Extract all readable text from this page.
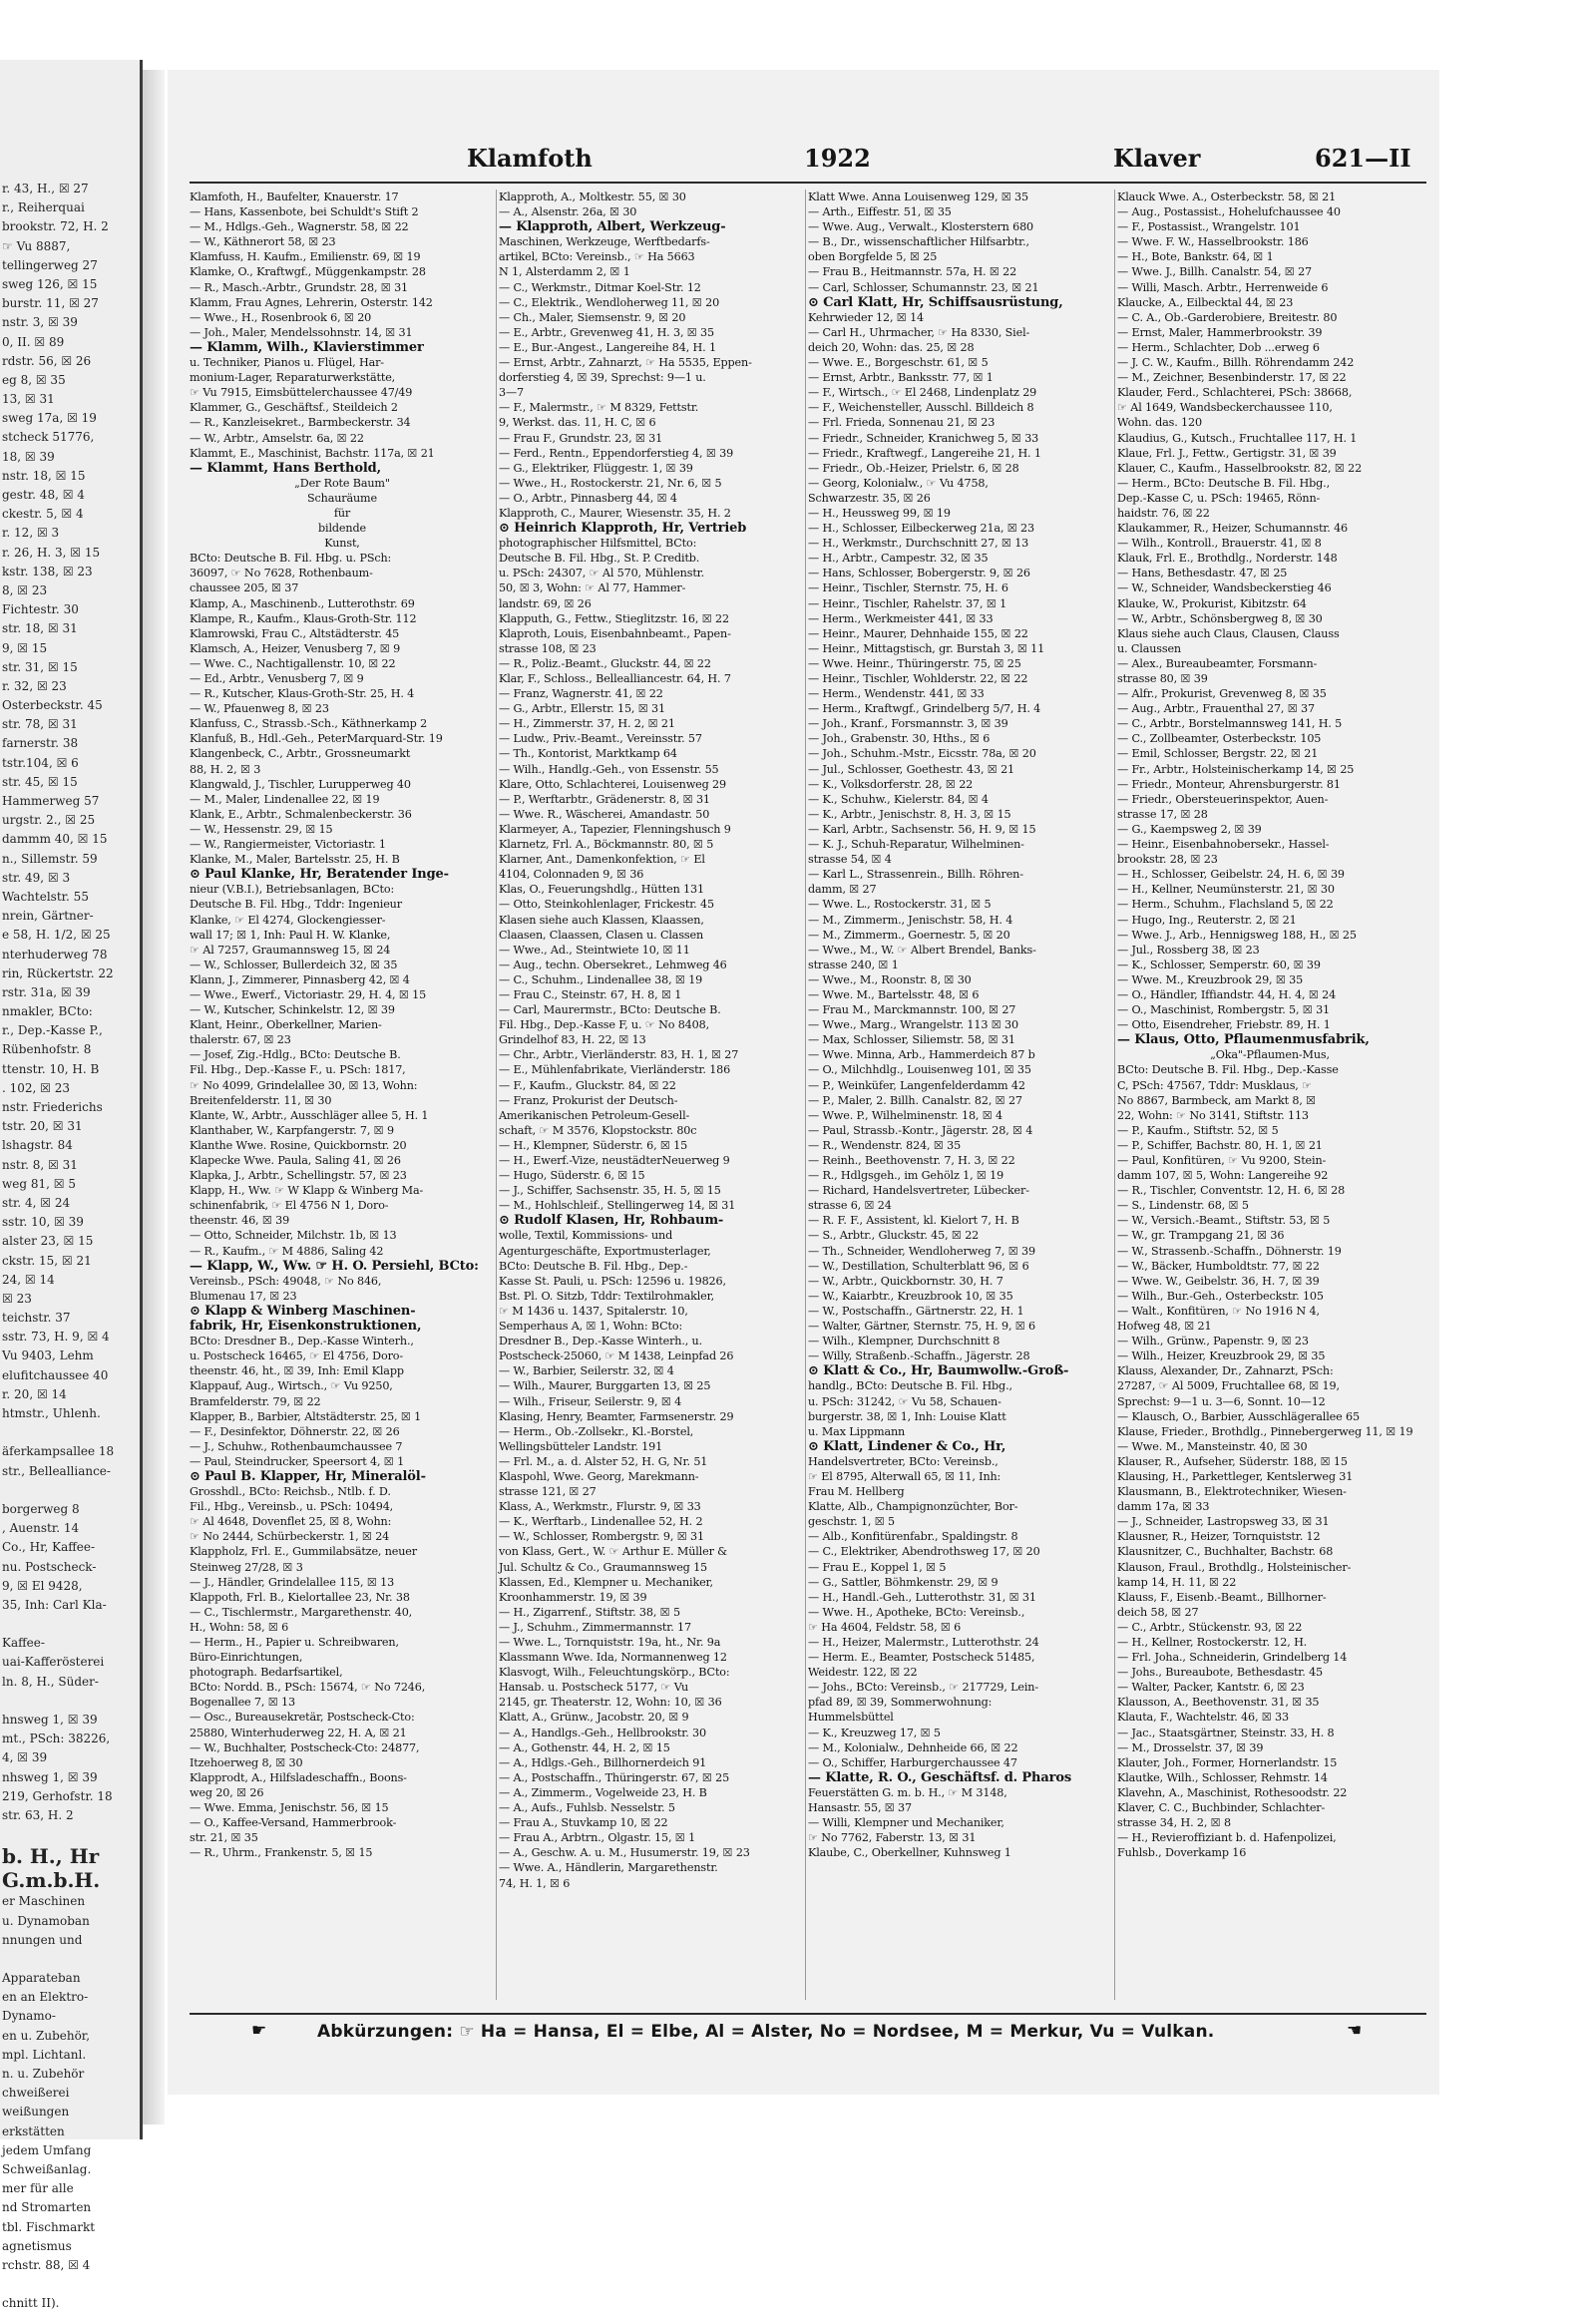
r. 43, H., ☒ 27
r., Reiherquai
brookstr. 72, H. 2
☞ Vu 8887,
tellingerweg 27
sweg 126, ☒ 15
burstr. 11, ☒ 27
nstr. 3, ☒ 39
0, II. ☒ 89
rdstr. 56, ☒ 26
eg 8, ☒ 35
13, ☒ 31
sweg 17a, ☒ 19
stcheck 51776,
18, ☒ 39
nstr. 18, ☒ 15
gestr. 48, ☒ 4
ckestr. 5, ☒ 4
r. 12, ☒ 3
r. 26, H. 3, ☒ 15
kstr. 138, ☒ 23
8, ☒ 23
Fichtestr. 30
str. 18, ☒ 31
9, ☒ 15
str. 31, ☒ 15
r. 32, ☒ 23
Osterbeckstr. 45
str. 78, ☒ 31
farnerstr. 38
tstr.104, ☒ 6
str. 45, ☒ 15
Hammerweg 57
urgstr. 2., ☒ 25
dammm 40, ☒ 15
n., Sillemstr. 59
str. 49, ☒ 3
Wachtelstr. 55
nrein, Gärtner-
e 58, H. 1/2, ☒ 25
nterhuderweg 78
rin, Rückertstr. 22
rstr. 31a, ☒ 39
nmakler, BCto:
r., Dep.-Kasse P.,
Rübenhofstr. 8
ttenstr. 10, H. B
. 102, ☒ 23
nstr. Friederichs
tstr. 20, ☒ 31
lshagstr. 84
nstr. 8, ☒ 31
weg 81, ☒ 5
str. 4, ☒ 24
sstr. 10, ☒ 39
alster 23, ☒ 15
ckstr. 15, ☒ 21
24, ☒ 14
☒ 23
teichstr. 37
sstr. 73, H. 9, ☒ 4
Vu 9403, Lehm
elufitchaussee 40
r. 20, ☒ 14
htmstr., Uhlenh.
äferkampsallee 18
str., Bellealliance-
borgerweg 8
, Auenstr. 14
Co., Hr, Kaffee-
nu. Postscheck-
9, ☒ El 9428,
35, Inh: Carl Kla-
Kaffee-
uai-Kafferösterei
ln. 8, H., Süder-
hnsweg 1, ☒ 39
mt., PSch: 38226,
4, ☒ 39
nhsweg 1, ☒ 39
219, Gerhofstr. 18
str. 63, H. 2
b. H., Hr
G.m.b.H.
er Maschinen
u. Dynamoban
nnungen und
Apparateban
en an Elektro-
Dynamo-
en u. Zubehör,
mpl. Lichtanl.
n. u. Zubehör
chweißerei
weißungen
erkstätten
jedem Umfang
Schweißanlag.
mer für alle
nd Stromarten
tbl. Fischmarkt
agnetismus
rchstr. 88, ☒ 4
chnitt II).
Klamfoth	1922	Klaver	621—II
Klamfoth, H., Baufelter, Knauerstr. 17
— Hans, Kassenbote, bei Schuldt's Stift 2
— M., Hdlgs.-Geh., Wagnerstr. 58, ☒ 22
— W., Käthnerort 58, ☒ 23
Klamfuss, H. Kaufm., Emilienstr. 69, ☒ 19
Klamke, O., Kraftwgf., Müggenkampstr. 28
— R., Masch.-Arbtr., Grundstr. 28, ☒ 31
Klamm, Frau Agnes, Lehrerin, Osterstr. 142
— Wwe., H., Rosenbrook 6, ☒ 20
— Joh., Maler, Mendelssohnstr. 14, ☒ 31
— Klamm, Wilh., Klavierstimmer
u. Techniker, Pianos u. Flügel, Har-
monium-Lager, Reparaturwerkstätte,
☞ Vu 7915, Eimsbüttelerchaussee 47/49
Klammer, G., Geschäftsf., Steildeich 2
— R., Kanzleisekret., Barmbeckerstr. 34
— W., Arbtr., Amselstr. 6a, ☒ 22
Klammt, E., Maschinist, Bachstr. 117a, ☒ 21
— Klammt, Hans Berthold,
„Der Rote Baum"
Schauräume
für
bildende
Kunst,
BCto: Deutsche B. Fil. Hbg. u. PSch:
36097, ☞ No 7628, Rothenbaum-
chaussee 205, ☒ 37
Klamp, A., Maschinenb., Lutterothstr. 69
Klampe, R., Kaufm., Klaus-Groth-Str. 112
Klamrowski, Frau C., Altstädterstr. 45
Klamsch, A., Heizer, Venusberg 7, ☒ 9
— Wwe. C., Nachtigallenstr. 10, ☒ 22
— Ed., Arbtr., Venusberg 7, ☒ 9
— R., Kutscher, Klaus-Groth-Str. 25, H. 4
— W., Pfauenweg 8, ☒ 23
Klanfuss, C., Strassb.-Sch., Käthnerkamp 2
Klanfuß, B., Hdl.-Geh., PeterMarquard-Str. 19
Klangenbeck, C., Arbtr., Grossneumarkt
88, H. 2, ☒ 3
Klangwald, J., Tischler, Lurupperweg 40
— M., Maler, Lindenallee 22, ☒ 19
Klank, E., Arbtr., Schmalenbeckerstr. 36
— W., Hessenstr. 29, ☒ 15
— W., Rangiermeister, Victoriastr. 1
Klanke, M., Maler, Bartelsstr. 25, H. B
⊙ Paul Klanke, Hr, Beratender Inge-
nieur (V.B.I.), Betriebsanlagen, BCto:
Deutsche B. Fil. Hbg., Tddr: Ingenieur
Klanke, ☞ El 4274, Glockengiesser-
wall 17; ☒ 1, Inh: Paul H. W. Klanke,
☞ Al 7257, Graumannsweg 15, ☒ 24
— W., Schlosser, Bullerdeich 32, ☒ 35
Klann, J., Zimmerer, Pinnasberg 42, ☒ 4
— Wwe., Ewerf., Victoriastr. 29, H. 4, ☒ 15
— W., Kutscher, Schinkelstr. 12, ☒ 39
Klant, Heinr., Oberkellner, Marien-
thalerstr. 67, ☒ 23
— Josef, Zig.-Hdlg., BCto: Deutsche B.
Fil. Hbg., Dep.-Kasse F., u. PSch: 1817,
☞ No 4099, Grindelallee 30, ☒ 13, Wohn:
Breitenfelderstr. 11, ☒ 30
Klante, W., Arbtr., Ausschläger allee 5, H. 1
Klanthaber, W., Karpfangerstr. 7, ☒ 9
Klanthe Wwe. Rosine, Quickbornstr. 20
Klapecke Wwe. Paula, Saling 41, ☒ 26
Klapka, J., Arbtr., Schellingstr. 57, ☒ 23
Klapp, H., Ww. ☞ W Klapp & Winberg Ma-
schinenfabrik, ☞ El 4756 N 1, Doro-
theenstr. 46, ☒ 39
— Otto, Schneider, Milchstr. 1b, ☒ 13
— R., Kaufm., ☞ M 4886, Saling 42
— Klapp, W., Ww. ☞ H. O. Persiehl, BCto:
Vereinsb., PSch: 49048, ☞ No 846,
Blumenau 17, ☒ 23
⊙ Klapp & Winberg Maschinen-
fabrik, Hr, Eisenkonstruktionen,
BCto: Dresdner B., Dep.-Kasse Winterh.,
u. Postscheck 16465, ☞ El 4756, Doro-
theenstr. 46, ht., ☒ 39, Inh: Emil Klapp
Klappauf, Aug., Wirtsch., ☞ Vu 9250,
Bramfelderstr. 79, ☒ 22
Klapper, B., Barbier, Altstädterstr. 25, ☒ 1
— F., Desinfektor, Döhnerstr. 22, ☒ 26
— J., Schuhw., Rothenbaumchaussee 7
— Paul, Steindrucker, Speersort 4, ☒ 1
⊙ Paul B. Klapper, Hr, Mineralöl-
Grosshdl., BCto: Reichsb., Ntlb. f. D.
Fil., Hbg., Vereinsb., u. PSch: 10494,
☞ Al 4648, Dovenflet 25, ☒ 8, Wohn:
☞ No 2444, Schürbeckerstr. 1, ☒ 24
Klappholz, Frl. E., Gummilabsätze, neuer
Steinweg 27/28, ☒ 3
— J., Händler, Grindelallee 115, ☒ 13
Klappoth, Frl. B., Kielortallee 23, Nr. 38
— C., Tischlermstr., Margarethenstr. 40,
H., Wohn: 58, ☒ 6
— Herm., H., Papier u. Schreibwaren,
Büro-Einrichtungen,
photograph. Bedarfsartikel,
BCto: Nordd. B., PSch: 15674, ☞ No 7246,
Bogenallee 7, ☒ 13
— Osc., Bureausekretär, Postscheck-Cto:
25880, Winterhuderweg 22, H. A, ☒ 21
— W., Buchhalter, Postscheck-Cto: 24877,
Itzehoerweg 8, ☒ 30
Klapprodt, A., Hilfsladeschaffn., Boons-
weg 20, ☒ 26
— Wwe. Emma, Jenischstr. 56, ☒ 15
— O., Kaffee-Versand, Hammerbrook-
str. 21, ☒ 35
— R., Uhrm., Frankenstr. 5, ☒ 15
Klapproth, A., Moltkestr. 55, ☒ 30
— A., Alsenstr. 26a, ☒ 30
— Klapproth, Albert, Werkzeug-
Maschinen, Werkzeuge, Werftbedarfs-
artikel, BCto: Vereinsb., ☞ Ha 5663
N 1, Alsterdamm 2, ☒ 1
— C., Werkmstr., Ditmar Koel-Str. 12
— C., Elektrik., Wendloherweg 11, ☒ 20
— Ch., Maler, Siemsenstr. 9, ☒ 20
— E., Arbtr., Grevenweg 41, H. 3, ☒ 35
— E., Bur.-Angest., Langereihe 84, H. 1
— Ernst, Arbtr., Zahnarzt, ☞ Ha 5535, Eppen-
dorferstieg 4, ☒ 39, Sprechst: 9—1 u.
3—7
— F., Malermstr., ☞ M 8329, Fettstr.
9, Werkst. das. 11, H. C, ☒ 6
— Frau F., Grundstr. 23, ☒ 31
— Ferd., Rentn., Eppendorferstieg 4, ☒ 39
— G., Elektriker, Flüggestr. 1, ☒ 39
— Wwe., H., Rostockerstr. 21, Nr. 6, ☒ 5
— O., Arbtr., Pinnasberg 44, ☒ 4
Klapproth, C., Maurer, Wiesenstr. 35, H. 2
⊙ Heinrich Klapproth, Hr, Vertrieb
photographischer Hilfsmittel, BCto:
Deutsche B. Fil. Hbg., St. P. Creditb.
u. PSch: 24307, ☞ Al 570, Mühlenstr.
50, ☒ 3, Wohn: ☞ Al 77, Hammer-
landstr. 69, ☒ 26
Klapputh, G., Fettw., Stieglitzstr. 16, ☒ 22
Klaproth, Louis, Eisenbahnbeamt., Papen-
strasse 108, ☒ 23
— R., Poliz.-Beamt., Gluckstr. 44, ☒ 22
Klar, F., Schloss., Bellealliancestr. 64, H. 7
— Franz, Wagnerstr. 41, ☒ 22
— G., Arbtr., Ellerstr. 15, ☒ 31
— H., Zimmerstr. 37, H. 2, ☒ 21
— Ludw., Priv.-Beamt., Vereinsstr. 57
— Th., Kontorist, Marktkamp 64
— Wilh., Handlg.-Geh., von Essenstr. 55
Klare, Otto, Schlachterei, Louisenweg 29
— P., Werftarbtr., Grädenerstr. 8, ☒ 31
— Wwe. R., Wäscherei, Amandastr. 50
Klarmeyer, A., Tapezier, Flenningshusch 9
Klarnetz, Frl. A., Böckmannstr. 80, ☒ 5
Klarner, Ant., Damenkonfektion, ☞ El
4104, Colonnaden 9, ☒ 36
Klas, O., Feuerungshdlg., Hütten 131
— Otto, Steinkohlenlager, Frickestr. 45
Klasen siehe auch Klassen, Klaassen,
Claasen, Claassen, Clasen u. Classen
— Wwe., Ad., Steintwiete 10, ☒ 11
— Aug., techn. Obersekret., Lehmweg 46
— C., Schuhm., Lindenallee 38, ☒ 19
— Frau C., Steinstr. 67, H. 8, ☒ 1
— Carl, Maurermstr., BCto: Deutsche B.
Fil. Hbg., Dep.-Kasse F, u. ☞ No 8408,
Grindelhof 83, H. 22, ☒ 13
— Chr., Arbtr., Vierländerstr. 83, H. 1, ☒ 27
— E., Mühlenfabrikate, Vierländerstr. 186
— F., Kaufm., Gluckstr. 84, ☒ 22
— Franz, Prokurist der Deutsch-
Amerikanischen Petroleum-Gesell-
schaft, ☞ M 3576, Klopstockstr. 80c
— H., Klempner, Süderstr. 6, ☒ 15
— H., Ewerf.-Vize, neustädterNeuerweg 9
— Hugo, Süderstr. 6, ☒ 15
— J., Schiffer, Sachsenstr. 35, H. 5, ☒ 15
— M., Hohlschleif., Stellingerweg 14, ☒ 31
⊙ Rudolf Klasen, Hr, Rohbaum-
wolle, Textil, Kommissions- und
Agenturgeschäfte, Exportmusterlager,
BCto: Deutsche B. Fil. Hbg., Dep.-
Kasse St. Pauli, u. PSch: 12596 u. 19826,
Bst. Pl. O. Sitzb, Tddr: Textilrohmakler,
☞ M 1436 u. 1437, Spitalerstr. 10,
Semperhaus A, ☒ 1, Wohn: BCto:
Dresdner B., Dep.-Kasse Winterh., u.
Postscheck-25060, ☞ M 1438, Leinpfad 26
— W., Barbier, Seilerstr. 32, ☒ 4
— Wilh., Maurer, Burggarten 13, ☒ 25
— Wilh., Friseur, Seilerstr. 9, ☒ 4
Klasing, Henry, Beamter, Farmsenerstr. 29
— Herm., Ob.-Zollsekr., Kl.-Borstel,
Wellingsbütteler Landstr. 191
— Frl. M., a. d. Alster 52, H. G, Nr. 51
Klaspohl, Wwe. Georg, Marekmann-
strasse 121, ☒ 27
Klass, A., Werkmstr., Flurstr. 9, ☒ 33
— K., Werftarb., Lindenallee 52, H. 2
— W., Schlosser, Rombergstr. 9, ☒ 31
von Klass, Gert., W. ☞ Arthur E. Müller &
Jul. Schultz & Co., Graumannsweg 15
Klassen, Ed., Klempner u. Mechaniker,
Kroonhammerstr. 19, ☒ 39
— H., Zigarrenf., Stiftstr. 38, ☒ 5
— J., Schuhm., Zimmermannstr. 17
— Wwe. L., Tornquiststr. 19a, ht., Nr. 9a
Klassmann Wwe. Ida, Normannenweg 12
Klasvogt, Wilh., Feleuchtungskörp., BCto:
Hansab. u. Postscheck 5177, ☞ Vu
2145, gr. Theaterstr. 12, Wohn: 10, ☒ 36
Klatt, A., Grünw., Jacobstr. 20, ☒ 9
— A., Handlgs.-Geh., Hellbrookstr. 30
— A., Gothenstr. 44, H. 2, ☒ 15
— A., Hdlgs.-Geh., Billhornerdeich 91
— A., Postschaffn., Thüringerstr. 67, ☒ 25
— A., Zimmerm., Vogelweide 23, H. B
— A., Aufs., Fuhlsb. Nesselstr. 5
— Frau A., Stuvkamp 10, ☒ 22
— Frau A., Arbtrn., Olgastr. 15, ☒ 1
— A., Geschw. A. u. M., Husumerstr. 19, ☒ 23
— Wwe. A., Händlerin, Margarethenstr.
74, H. 1, ☒ 6
Klatt Wwe. Anna Louisenweg 129, ☒ 35
— Arth., Eiffestr. 51, ☒ 35
— Wwe. Aug., Verwalt., Klosterstern 680
— B., Dr., wissenschaftlicher Hilfsarbtr.,
oben Borgfelde 5, ☒ 25
— Frau B., Heitmannstr. 57a, H. ☒ 22
— Carl, Schlosser, Schumannstr. 23, ☒ 21
⊙ Carl Klatt, Hr, Schiffsausrüstung,
Kehrwieder 12, ☒ 14
— Carl H., Uhrmacher, ☞ Ha 8330, Siel-
deich 20, Wohn: das. 25, ☒ 28
— Wwe. E., Borgeschstr. 61, ☒ 5
— Ernst, Arbtr., Banksstr. 77, ☒ 1
— F., Wirtsch., ☞ El 2468, Lindenplatz 29
— F., Weichensteller, Ausschl. Billdeich 8
— Frl. Frieda, Sonnenau 21, ☒ 23
— Friedr., Schneider, Kranichweg 5, ☒ 33
— Friedr., Kraftwegf., Langereihe 21, H. 1
— Friedr., Ob.-Heizer, Prielstr. 6, ☒ 28
— Georg, Kolonialw., ☞ Vu 4758,
Schwarzestr. 35, ☒ 26
— H., Heussweg 99, ☒ 19
— H., Schlosser, Eilbeckerweg 21a, ☒ 23
— H., Werkmstr., Durchschnitt 27, ☒ 13
— H., Arbtr., Campestr. 32, ☒ 35
— Hans, Schlosser, Bobergerstr. 9, ☒ 26
— Heinr., Tischler, Sternstr. 75, H. 6
— Heinr., Tischler, Rahelstr. 37, ☒ 1
— Herm., Werkmeister 441, ☒ 33
— Heinr., Maurer, Dehnhaide 155, ☒ 22
— Heinr., Mittagstisch, gr. Burstah 3, ☒ 11
— Wwe. Heinr., Thüringerstr. 75, ☒ 25
— Heinr., Tischler, Wohlderstr. 22, ☒ 22
— Herm., Wendenstr. 441, ☒ 33
— Herm., Kraftwgf., Grindelberg 5/7, H. 4
— Joh., Kranf., Forsmannstr. 3, ☒ 39
— Joh., Grabenstr. 30, Hths., ☒ 6
— Joh., Schuhm.-Mstr., Eicsstr. 78a, ☒ 20
— Jul., Schlosser, Goethestr. 43, ☒ 21
— K., Volksdorferstr. 28, ☒ 22
— K., Schuhw., Kielerstr. 84, ☒ 4
— K., Arbtr., Jenischstr. 8, H. 3, ☒ 15
— Karl, Arbtr., Sachsenstr. 56, H. 9, ☒ 15
— K. J., Schuh-Reparatur, Wilhelminen-
strasse 54, ☒ 4
— Karl L., Strassenrein., Billh. Röhren-
damm, ☒ 27
— Wwe. L., Rostockerstr. 31, ☒ 5
— M., Zimmerm., Jenischstr. 58, H. 4
— M., Zimmerm., Goernestr. 5, ☒ 20
— Wwe., M., W. ☞ Albert Brendel, Banks-
strasse 240, ☒ 1
— Wwe., M., Roonstr. 8, ☒ 30
— Wwe. M., Bartelsstr. 48, ☒ 6
— Frau M., Marckmannstr. 100, ☒ 27
— Wwe., Marg., Wrangelstr. 113 ☒ 30
— Max, Schlosser, Siliemstr. 58, ☒ 31
— Wwe. Minna, Arb., Hammerdeich 87 b
— O., Milchhdlg., Louisenweg 101, ☒ 35
— P., Weinküfer, Langenfelderdamm 42
— P., Maler, 2. Billh. Canalstr. 82, ☒ 27
— Wwe. P., Wilhelminenstr. 18, ☒ 4
— Paul, Strassb.-Kontr., Jägerstr. 28, ☒ 4
— R., Wendenstr. 824, ☒ 35
— Reinh., Beethovenstr. 7, H. 3, ☒ 22
— R., Hdlgsgeh., im Gehölz 1, ☒ 19
— Richard, Handelsvertreter, Lübecker-
strasse 6, ☒ 24
— R. F. F., Assistent, kl. Kielort 7, H. B
— S., Arbtr., Gluckstr. 45, ☒ 22
— Th., Schneider, Wendloherweg 7, ☒ 39
— W., Destillation, Schulterblatt 96, ☒ 6
— W., Arbtr., Quickbornstr. 30, H. 7
— W., Kaiarbtr., Kreuzbrook 10, ☒ 35
— W., Postschaffn., Gärtnerstr. 22, H. 1
— Walter, Gärtner, Sternstr. 75, H. 9, ☒ 6
— Wilh., Klempner, Durchschnitt 8
— Willy, Straßenb.-Schaffn., Jägerstr. 28
⊙ Klatt & Co., Hr, Baumwollw.-Groß-
handlg., BCto: Deutsche B. Fil. Hbg.,
u. PSch: 31242, ☞ Vu 58, Schauen-
burgerstr. 38, ☒ 1, Inh: Louise Klatt
u. Max Lippmann
⊙ Klatt, Lindener & Co., Hr,
Handelsvertreter, BCto: Vereinsb.,
☞ El 8795, Alterwall 65, ☒ 11, Inh:
Frau M. Hellberg
Klatte, Alb., Champignonzüchter, Bor-
geschstr. 1, ☒ 5
— Alb., Konfitürenfabr., Spaldingstr. 8
— C., Elektriker, Abendrothsweg 17, ☒ 20
— Frau E., Koppel 1, ☒ 5
— G., Sattler, Böhmkenstr. 29, ☒ 9
— H., Handl.-Geh., Lutterothstr. 31, ☒ 31
— Wwe. H., Apotheke, BCto: Vereinsb.,
☞ Ha 4604, Feldstr. 58, ☒ 6
— H., Heizer, Malermstr., Lutterothstr. 24
— Herm. E., Beamter, Postscheck 51485,
Weidestr. 122, ☒ 22
— Johs., BCto: Vereinsb., ☞ 217729, Lein-
pfad 89, ☒ 39, Sommerwohnung:
Hummelsbüttel
— K., Kreuzweg 17, ☒ 5
— M., Kolonialw., Dehnheide 66, ☒ 22
— O., Schiffer, Harburgerchaussee 47
— Klatte, R. O., Geschäftsf. d. Pharos
Feuerstätten G. m. b. H., ☞ M 3148,
Hansastr. 55, ☒ 37
— Willi, Klempner und Mechaniker,
☞ No 7762, Faberstr. 13, ☒ 31
Klaube, C., Oberkellner, Kuhnsweg 1
Klauck Wwe. A., Osterbeckstr. 58, ☒ 21
— Aug., Postassist., Hohelufchaussee 40
— F., Postassist., Wrangelstr. 101
— Wwe. F. W., Hasselbrookstr. 186
— H., Bote, Bankstr. 64, ☒ 1
— Wwe. J., Billh. Canalstr. 54, ☒ 27
— Willi, Masch. Arbtr., Herrenweide 6
Klaucke, A., Eilbecktal 44, ☒ 23
— C. A., Ob.-Garderobiere, Breitestr. 80
— Ernst, Maler, Hammerbrookstr. 39
— Herm., Schlachter, Dob ...erweg 6
— J. C. W., Kaufm., Billh. Röhrendamm 242
— M., Zeichner, Besenbinderstr. 17, ☒ 22
Klauder, Ferd., Schlachterei, PSch: 38668,
☞ Al 1649, Wandsbeckerchaussee 110,
Wohn. das. 120
Klaudius, G., Kutsch., Fruchtallee 117, H. 1
Klaue, Frl. J., Fettw., Gertigstr. 31, ☒ 39
Klauer, C., Kaufm., Hasselbrookstr. 82, ☒ 22
— Herm., BCto: Deutsche B. Fil. Hbg.,
Dep.-Kasse C, u. PSch: 19465, Rönn-
haidstr. 76, ☒ 22
Klaukammer, R., Heizer, Schumannstr. 46
— Wilh., Kontroll., Brauerstr. 41, ☒ 8
Klauk, Frl. E., Brothdlg., Norderstr. 148
— Hans, Bethesdastr. 47, ☒ 25
— W., Schneider, Wandsbeckerstieg 46
Klauke, W., Prokurist, Kibitzstr. 64
— W., Arbtr., Schönsbergweg 8, ☒ 30
Klaus siehe auch Claus, Clausen, Clauss
u. Claussen
— Alex., Bureaubeamter, Forsmann-
strasse 80, ☒ 39
— Alfr., Prokurist, Grevenweg 8, ☒ 35
— Aug., Arbtr., Frauenthal 27, ☒ 37
— C., Arbtr., Borstelmannsweg 141, H. 5
— C., Zollbeamter, Osterbeckstr. 105
— Emil, Schlosser, Bergstr. 22, ☒ 21
— Fr., Arbtr., Holsteinischerkamp 14, ☒ 25
— Friedr., Monteur, Ahrensburgerstr. 81
— Friedr., Obersteuerinspektor, Auen-
strasse 17, ☒ 28
— G., Kaempsweg 2, ☒ 39
— Heinr., Eisenbahnobersekr., Hassel-
brookstr. 28, ☒ 23
— H., Schlosser, Geibelstr. 24, H. 6, ☒ 39
— H., Kellner, Neumünsterstr. 21, ☒ 30
— Herm., Schuhm., Flachsland 5, ☒ 22
— Hugo, Ing., Reuterstr. 2, ☒ 21
— Wwe. J., Arb., Hennigsweg 188, H., ☒ 25
— Jul., Rossberg 38, ☒ 23
— K., Schlosser, Semperstr. 60, ☒ 39
— Wwe. M., Kreuzbrook 29, ☒ 35
— O., Händler, Iffiandstr. 44, H. 4, ☒ 24
— O., Maschinist, Rombergstr. 5, ☒ 31
— Otto, Eisendreher, Friebstr. 89, H. 1
— Klaus, Otto, Pflaumenmusfabrik,
„Oka"-Pflaumen-Mus,
BCto: Deutsche B. Fil. Hbg., Dep.-Kasse
C, PSch: 47567, Tddr: Musklaus, ☞
No 8867, Barmbeck, am Markt 8, ☒
22, Wohn: ☞ No 3141, Stiftstr. 113
— P., Kaufm., Stiftstr. 52, ☒ 5
— P., Schiffer, Bachstr. 80, H. 1, ☒ 21
— Paul, Konfitüren, ☞ Vu 9200, Stein-
damm 107, ☒ 5, Wohn: Langereihe 92
— R., Tischler, Conventstr. 12, H. 6, ☒ 28
— S., Lindenstr. 68, ☒ 5
— W., Versich.-Beamt., Stiftstr. 53, ☒ 5
— W., gr. Trampgang 21, ☒ 36
— W., Strassenb.-Schaffn., Döhnerstr. 19
— W., Bäcker, Humboldtstr. 77, ☒ 22
— Wwe. W., Geibelstr. 36, H. 7, ☒ 39
— Wilh., Bur.-Geh., Osterbeckstr. 105
— Walt., Konfitüren, ☞ No 1916 N 4,
Hofweg 48, ☒ 21
— Wilh., Grünw., Papenstr. 9, ☒ 23
— Wilh., Heizer, Kreuzbrook 29, ☒ 35
Klauss, Alexander, Dr., Zahnarzt, PSch:
27287, ☞ Al 5009, Fruchtallee 68, ☒ 19,
Sprechst: 9—1 u. 3—6, Sonnt. 10—12
— Klausch, O., Barbier, Ausschlägerallee 65
Klause, Frieder., Brothdlg., Pinnebergerweg 11, ☒ 19
— Wwe. M., Mansteinstr. 40, ☒ 30
Klauser, R., Aufseher, Süderstr. 188, ☒ 15
Klausing, H., Parkettleger, Kentslerweg 31
Klausmann, B., Elektrotechniker, Wiesen-
damm 17a, ☒ 33
— J., Schneider, Lastropsweg 33, ☒ 31
Klausner, R., Heizer, Tornquiststr. 12
Klausnitzer, C., Buchhalter, Bachstr. 68
Klauson, Fraul., Brothdlg., Holsteinischer-
kamp 14, H. 11, ☒ 22
Klauss, F., Eisenb.-Beamt., Billhorner-
deich 58, ☒ 27
— C., Arbtr., Stückenstr. 93, ☒ 22
— H., Kellner, Rostockerstr. 12, H.
— Frl. Joha., Schneiderin, Grindelberg 14
— Johs., Bureaubote, Bethesdastr. 45
— Walter, Packer, Kantstr. 6, ☒ 23
Klausson, A., Beethovenstr. 31, ☒ 35
Klauta, F., Wachtelstr. 46, ☒ 33
— Jac., Staatsgärtner, Steinstr. 33, H. 8
— M., Drosselstr. 37, ☒ 39
Klauter, Joh., Former, Hornerlandstr. 15
Klautke, Wilh., Schlosser, Rehmstr. 14
Klavehn, A., Maschinist, Rothesoodstr. 22
Klaver, C. C., Buchbinder, Schlachter-
strasse 34, H. 2, ☒ 8
— H., Revieroffiziant b. d. Hafenpolizei,
Fuhlsb., Doverkamp 16
☛	Abkürzungen: ☞ Ha = Hansa, El = Elbe, Al = Alster, No = Nordsee, M = Merkur, Vu = Vulkan.	☚
